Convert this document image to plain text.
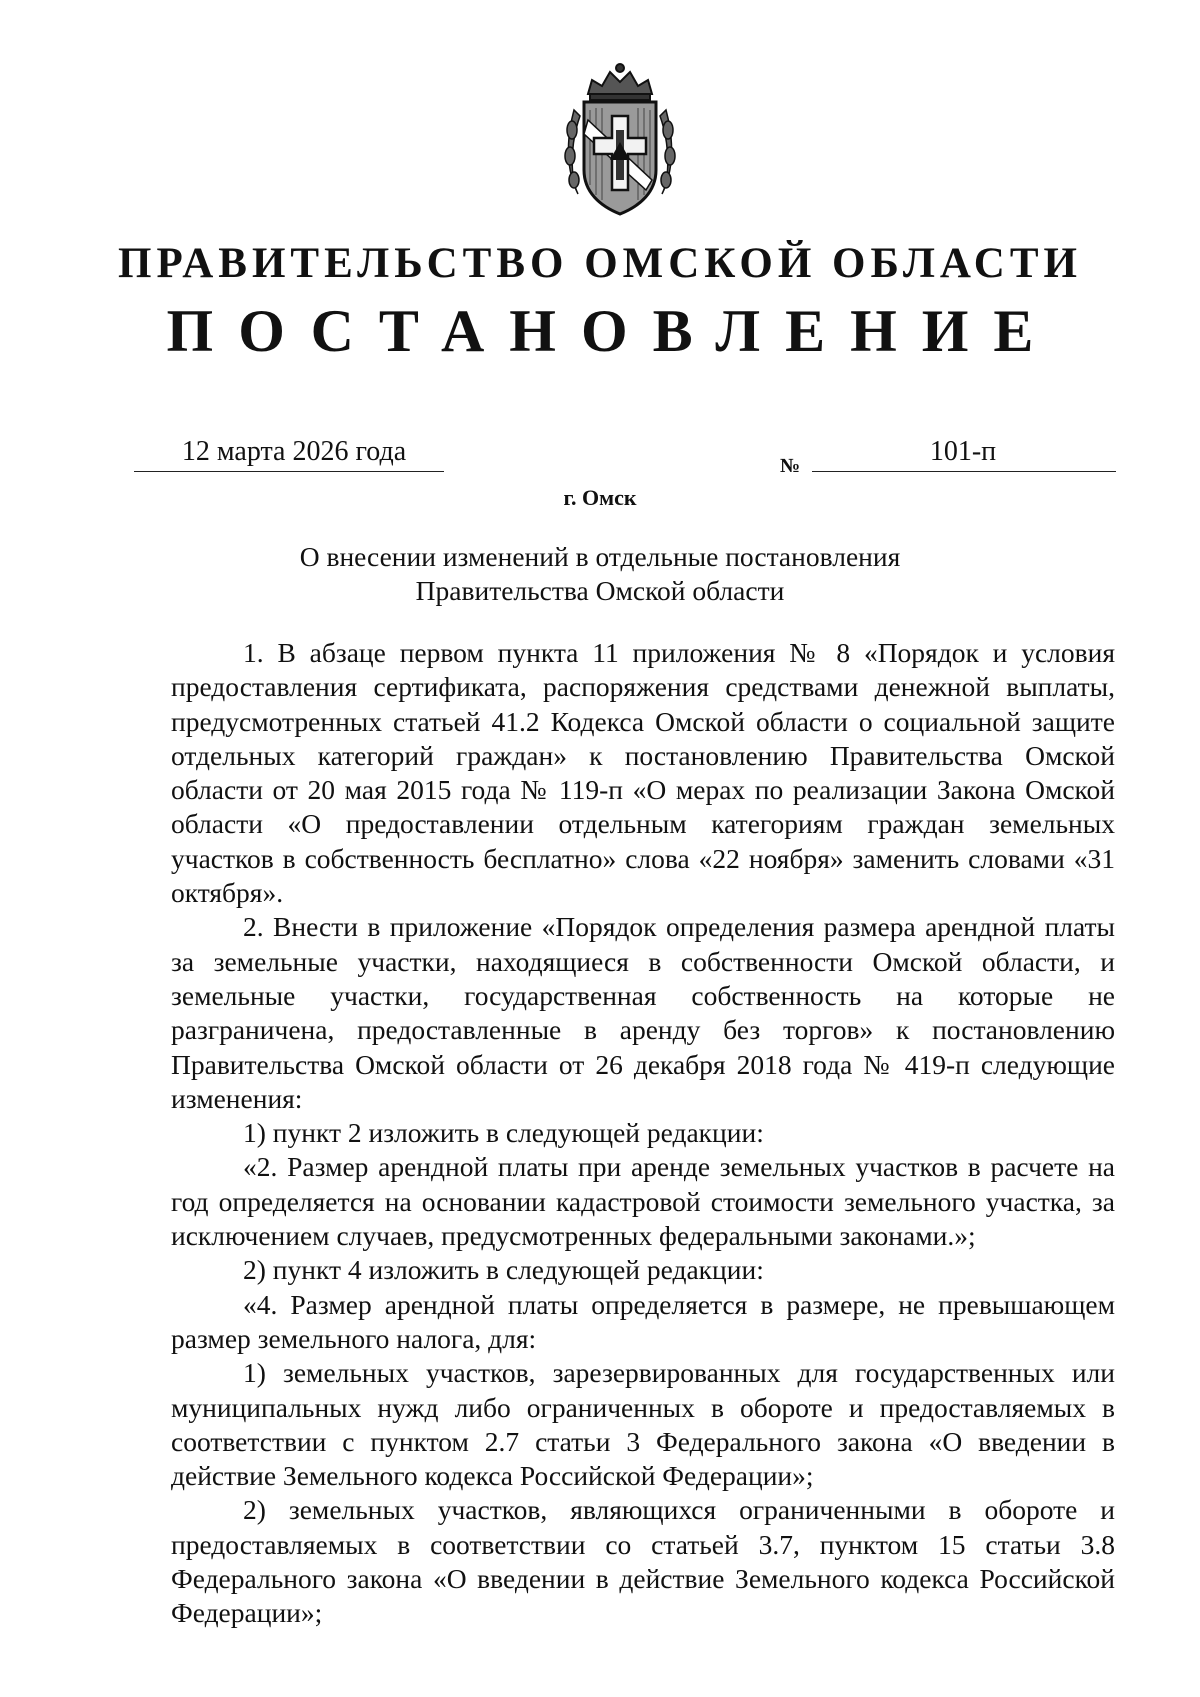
ПРАВИТЕЛЬСТВО ОМСКОЙ ОБЛАСТИ
ПОСТАНОВЛЕНИЕ
12 марта 2026 года	№	101-п
г. Омск
О внесении изменений в отдельные постановления
Правительства Омской области

1. В абзаце первом пункта 11 приложения № 8 «Порядок и условия предоставления сертификата, распоряжения средствами денежной выплаты, предусмотренных статьей 41.2 Кодекса Омской области о социальной защите отдельных категорий граждан» к постановлению Правительства Омской области от 20 мая 2015 года № 119-п «О мерах по реализации Закона Омской области «О предоставлении отдельным категориям граждан земельных участков в собственность бесплатно» слова «22 ноября» заменить словами «31 октября».

2. Внести в приложение «Порядок определения размера арендной платы за земельные участки, находящиеся в собственности Омской области, и земельные участки, государственная собственность на которые не разграничена, предоставленные в аренду без торгов» к постановлению Правительства Омской области от 26 декабря 2018 года № 419-п следующие изменения:

1) пункт 2 изложить в следующей редакции:

«2. Размер арендной платы при аренде земельных участков в расчете на год определяется на основании кадастровой стоимости земельного участка, за исключением случаев, предусмотренных федеральными законами.»;

2) пункт 4 изложить в следующей редакции:

«4. Размер арендной платы определяется в размере, не превышающем размер земельного налога, для:

1) земельных участков, зарезервированных для государственных или муниципальных нужд либо ограниченных в обороте и предоставляемых в соответствии с пунктом 2.7 статьи 3 Федерального закона «О введении в действие Земельного кодекса Российской Федерации»;

2) земельных участков, являющихся ограниченными в обороте и предоставляемых в соответствии со статьей 3.7, пунктом 15 статьи 3.8 Федерального закона «О введении в действие Земельного кодекса Российской Федерации»;
